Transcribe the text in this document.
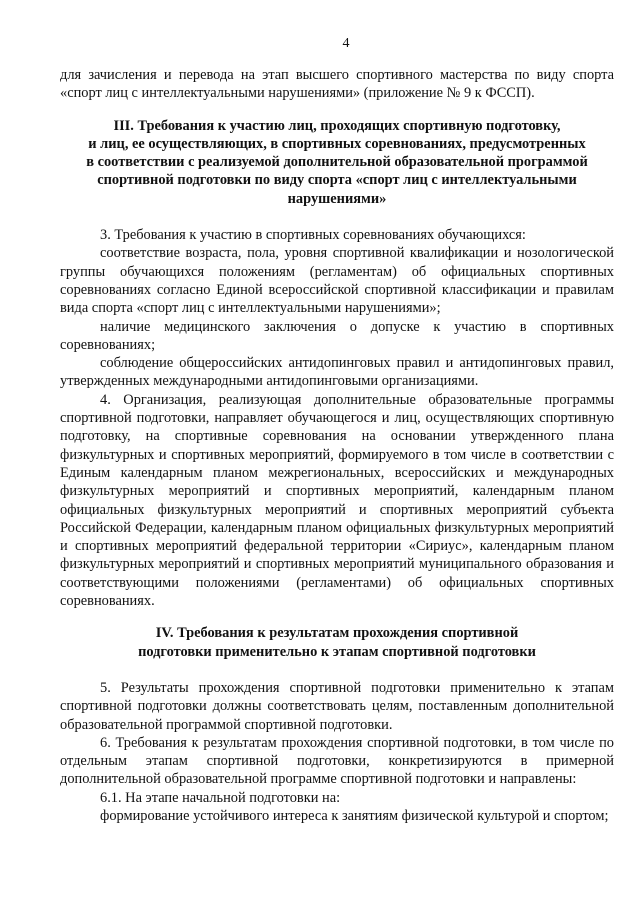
4

для зачисления и перевода на этап высшего спортивного мастерства по виду спорта «спорт лиц с интеллектуальными нарушениями» (приложение № 9 к ФССП).

III. Требования к участию лиц, проходящих спортивную подготовку,
и лиц, ее осуществляющих, в спортивных соревнованиях, предусмотренных
в соответствии с реализуемой дополнительной образовательной программой
спортивной подготовки по виду спорта «спорт лиц с интеллектуальными
нарушениями»

3. Требования к участию в спортивных соревнованиях обучающихся:

соответствие возраста, пола, уровня спортивной квалификации и нозологической группы обучающихся положениям (регламентам) об официальных спортивных соревнованиях согласно Единой всероссийской спортивной классификации и правилам вида спорта «спорт лиц с интеллектуальными нарушениями»;

наличие медицинского заключения о допуске к участию в спортивных соревнованиях;

соблюдение общероссийских антидопинговых правил и антидопинговых правил, утвержденных международными антидопинговыми организациями.

4. Организация, реализующая дополнительные образовательные программы спортивной подготовки, направляет обучающегося и лиц, осуществляющих спортивную подготовку, на спортивные соревнования на основании утвержденного плана физкультурных и спортивных мероприятий, формируемого в том числе в соответствии с Единым календарным планом межрегиональных, всероссийских и международных физкультурных мероприятий и спортивных мероприятий, календарным планом официальных физкультурных мероприятий и спортивных мероприятий субъекта Российской Федерации, календарным планом официальных физкультурных мероприятий и спортивных мероприятий федеральной территории «Сириус», календарным планом физкультурных мероприятий и спортивных мероприятий муниципального образования и соответствующими положениями (регламентами) об официальных спортивных соревнованиях.

IV. Требования к результатам прохождения спортивной
подготовки применительно к этапам спортивной подготовки

5. Результаты прохождения спортивной подготовки применительно к этапам спортивной подготовки должны соответствовать целям, поставленным дополнительной образовательной программой спортивной подготовки.

6. Требования к результатам прохождения спортивной подготовки, в том числе по отдельным этапам спортивной подготовки, конкретизируются в примерной дополнительной образовательной программе спортивной подготовки и направлены:

6.1. На этапе начальной подготовки на:

формирование устойчивого интереса к занятиям физической культурой и спортом;
